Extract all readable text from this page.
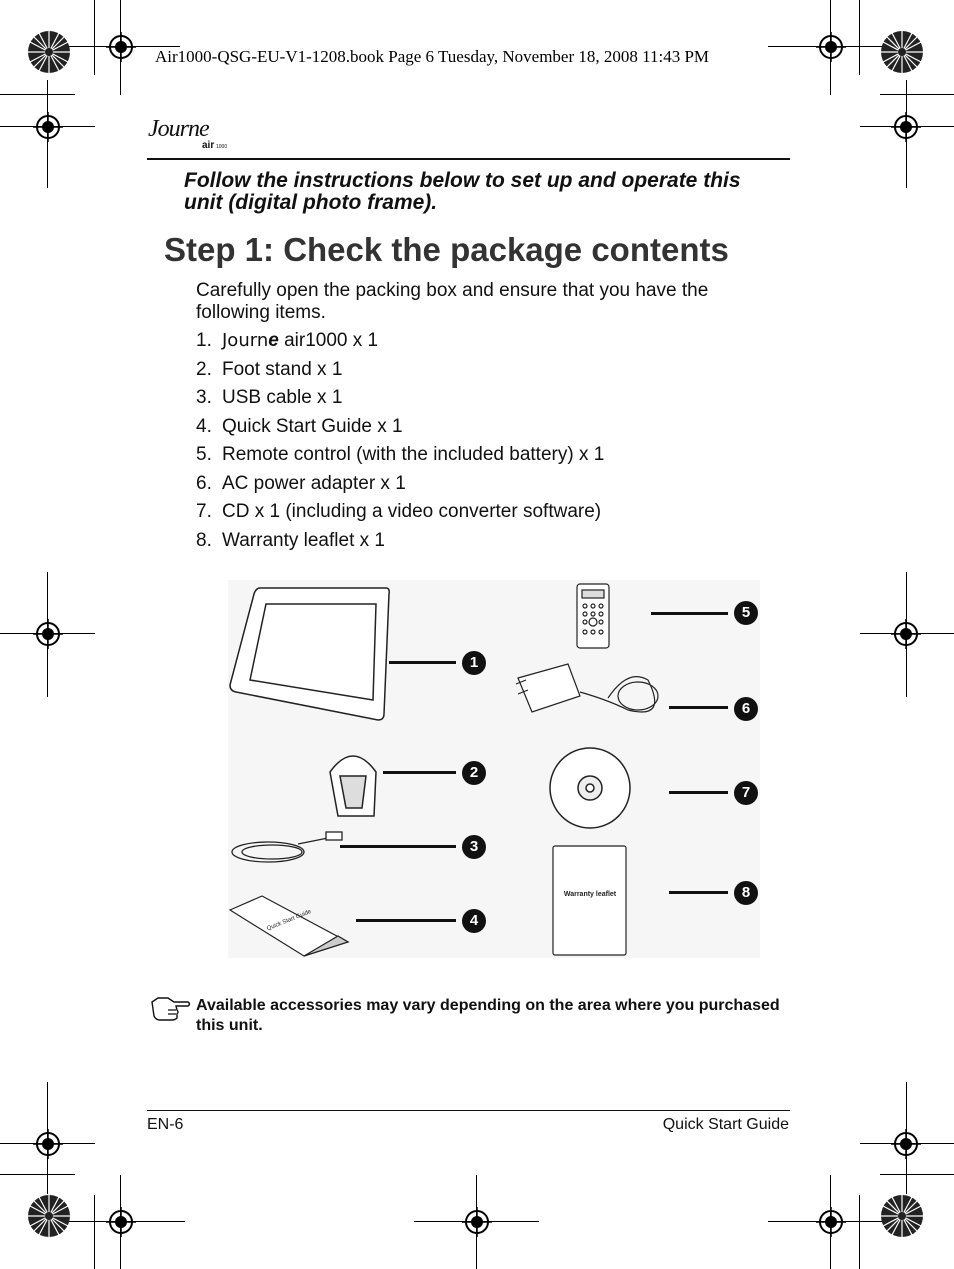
Air1000-QSG-EU-V1-1208.book Page 6 Tuesday, November 18, 2008 11:43 PM
Journe
air 1000
Follow the instructions below to set up and operate this unit (digital photo frame).
Step 1: Check the package contents
Carefully open the packing box and ensure that you have the following items.
1. Journe air1000 x 1
2. Foot stand x 1
3. USB cable x 1
4. Quick Start Guide x 1
5. Remote control (with the included battery) x 1
6. AC power adapter x 1
7. CD x 1 (including a video converter software)
8. Warranty leaflet x 1
Quick Start Guide
Warranty leaflet
1
2
3
4
5
6
7
8
Available accessories may vary depending on the area where you purchased this unit.
EN-6	Quick Start Guide
